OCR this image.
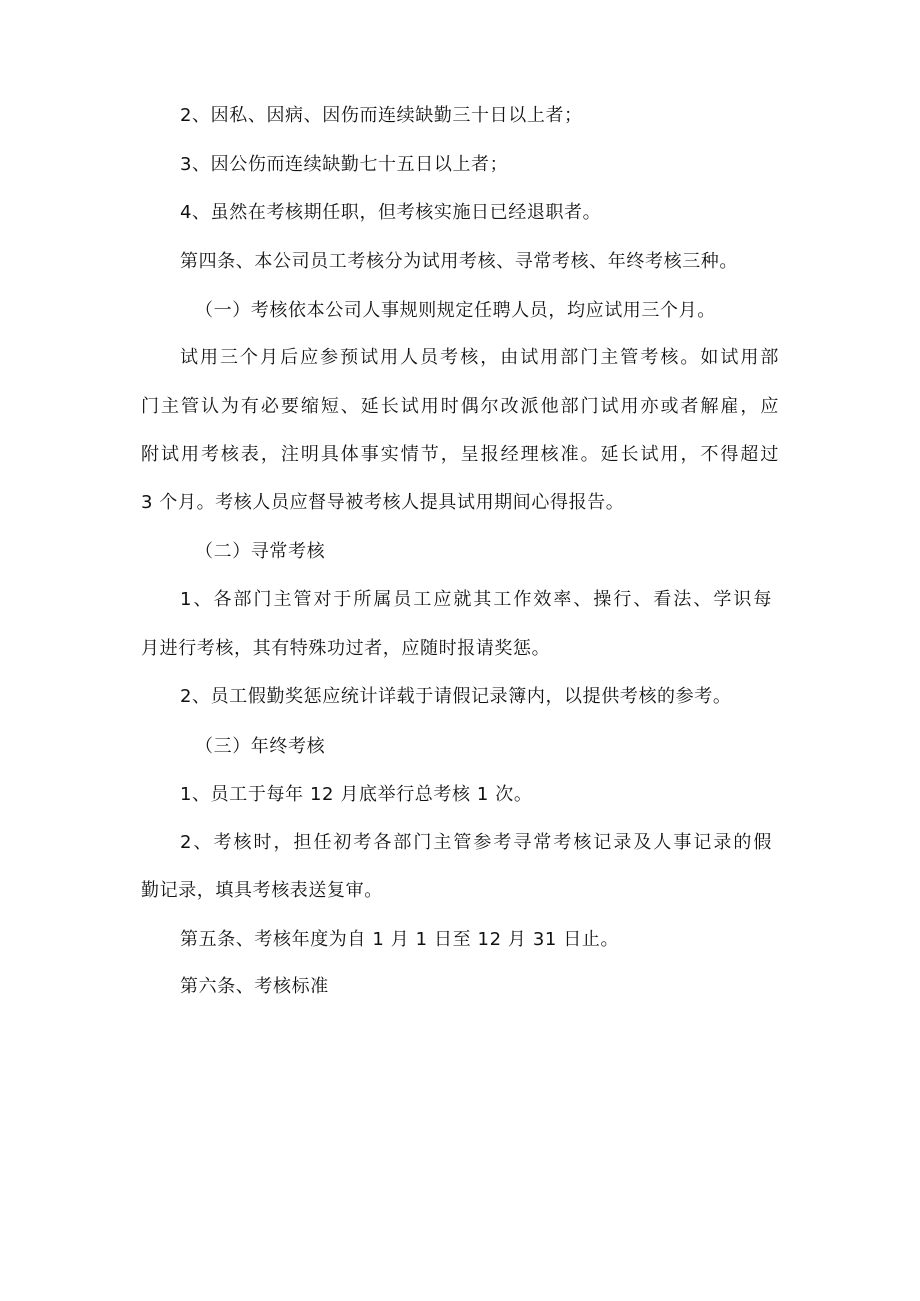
2、因私、因病、因伤而连续缺勤三十日以上者；
3、因公伤而连续缺勤七十五日以上者；
4、虽然在考核期任职，但考核实施日已经退职者。
第四条、本公司员工考核分为试用考核、寻常考核、年终考核三种。
（一）考核依本公司人事规则规定任聘人员，均应试用三个月。
试用三个月后应参预试用人员考核，由试用部门主管考核。如试用部
门主管认为有必要缩短、延长试用时偶尔改派他部门试用亦或者解雇，应
附试用考核表，注明具体事实情节，呈报经理核准。延长试用，不得超过
3 个月。考核人员应督导被考核人提具试用期间心得报告。
（二）寻常考核
1、各部门主管对于所属员工应就其工作效率、操行、看法、学识每
月进行考核，其有特殊功过者，应随时报请奖惩。
2、员工假勤奖惩应统计详载于请假记录簿内，以提供考核的参考。
（三）年终考核
1、员工于每年 12 月底举行总考核 1 次。
2、考核时，担任初考各部门主管参考寻常考核记录及人事记录的假
勤记录，填具考核表送复审。
第五条、考核年度为自 1 月 1 日至 12 月 31 日止。
第六条、考核标准
